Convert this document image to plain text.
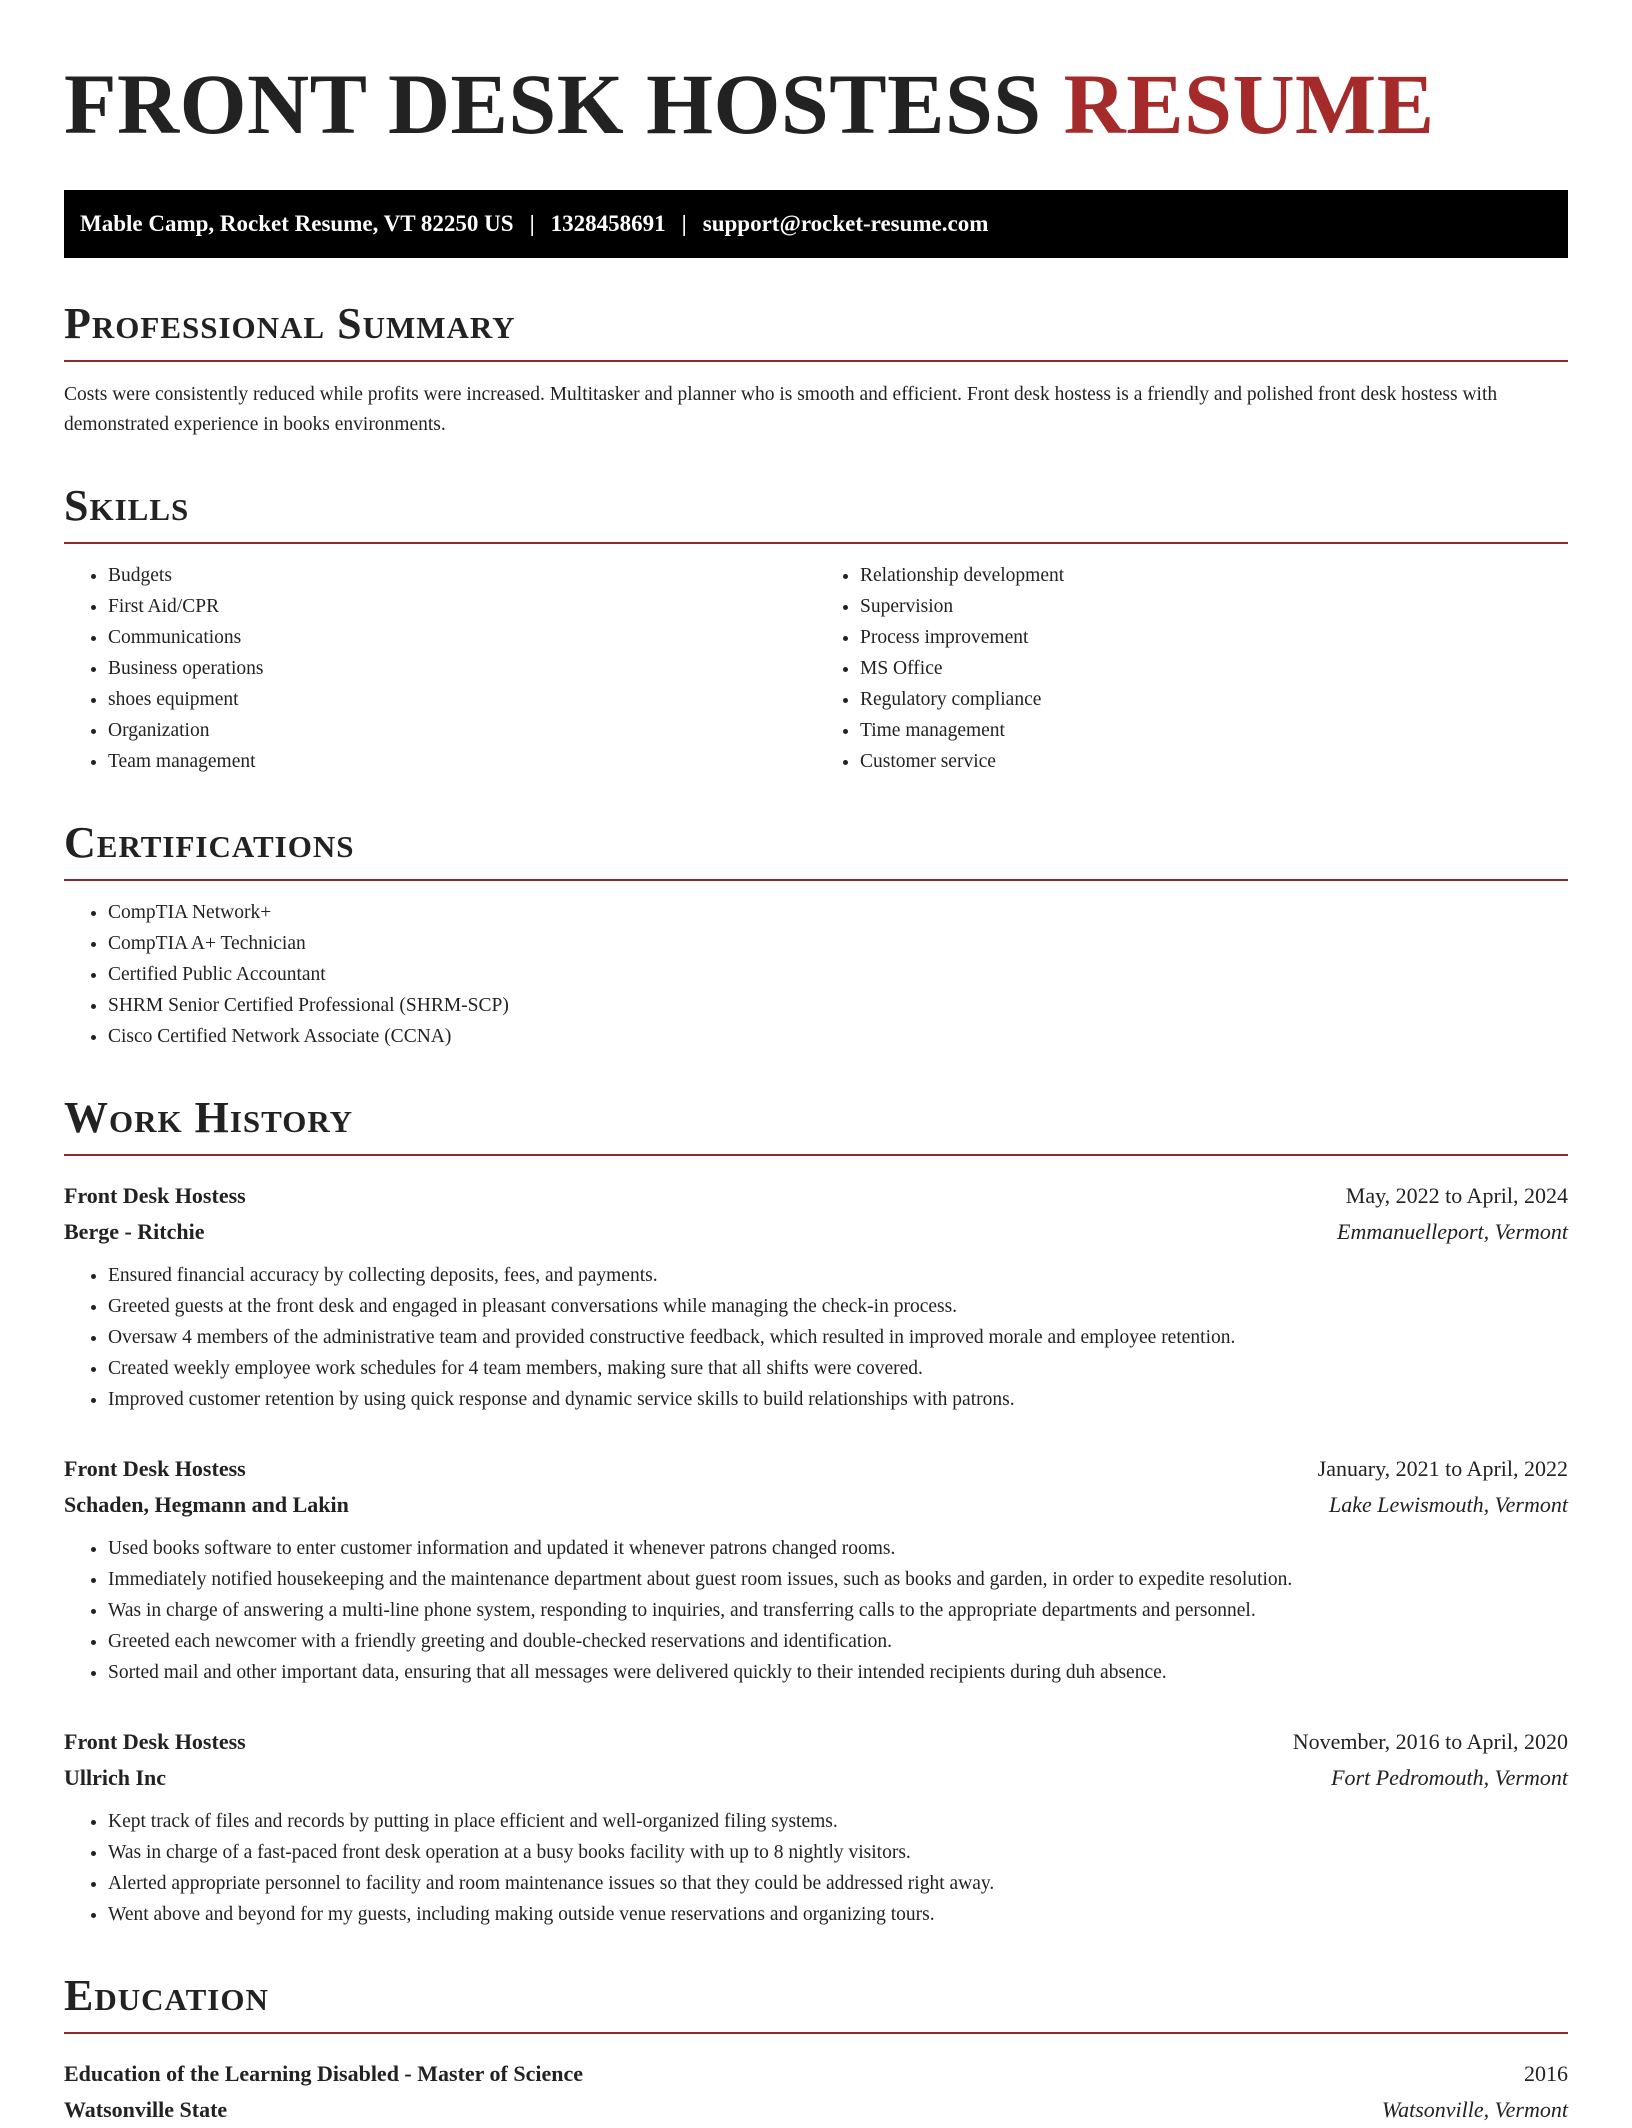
FRONT DESK HOSTESS RESUME
Mable Camp, Rocket Resume, VT 82250 US | 1328458691 | support@rocket-resume.com
Professional Summary

Costs were consistently reduced while profits were increased. Multitasker and planner who is smooth and efficient. Front desk hostess is a friendly and polished front desk hostess with demonstrated experience in books environments.

Skills
• Budgets
• First Aid/CPR
• Communications
• Business operations
• shoes equipment
• Organization
• Team management
• Relationship development
• Supervision
• Process improvement
• MS Office
• Regulatory compliance
• Time management
• Customer service
Certifications
• CompTIA Network+
• CompTIA A+ Technician
• Certified Public Accountant
• SHRM Senior Certified Professional (SHRM-SCP)
• Cisco Certified Network Associate (CCNA)
Work History
Front Desk Hostess	May, 2022 to April, 2024
Berge - Ritchie	Emmanuelleport, Vermont
• Ensured financial accuracy by collecting deposits, fees, and payments.
• Greeted guests at the front desk and engaged in pleasant conversations while managing the check-in process.
• Oversaw 4 members of the administrative team and provided constructive feedback, which resulted in improved morale and employee retention.
• Created weekly employee work schedules for 4 team members, making sure that all shifts were covered.
• Improved customer retention by using quick response and dynamic service skills to build relationships with patrons.
Front Desk Hostess	January, 2021 to April, 2022
Schaden, Hegmann and Lakin	Lake Lewismouth, Vermont
• Used books software to enter customer information and updated it whenever patrons changed rooms.
• Immediately notified housekeeping and the maintenance department about guest room issues, such as books and garden, in order to expedite resolution.
• Was in charge of answering a multi-line phone system, responding to inquiries, and transferring calls to the appropriate departments and personnel.
• Greeted each newcomer with a friendly greeting and double-checked reservations and identification.
• Sorted mail and other important data, ensuring that all messages were delivered quickly to their intended recipients during duh absence.
Front Desk Hostess	November, 2016 to April, 2020
Ullrich Inc	Fort Pedromouth, Vermont
• Kept track of files and records by putting in place efficient and well-organized filing systems.
• Was in charge of a fast-paced front desk operation at a busy books facility with up to 8 nightly visitors.
• Alerted appropriate personnel to facility and room maintenance issues so that they could be addressed right away.
• Went above and beyond for my guests, including making outside venue reservations and organizing tours.
Education
Education of the Learning Disabled - Master of Science	2016
Watsonville State	Watsonville, Vermont
